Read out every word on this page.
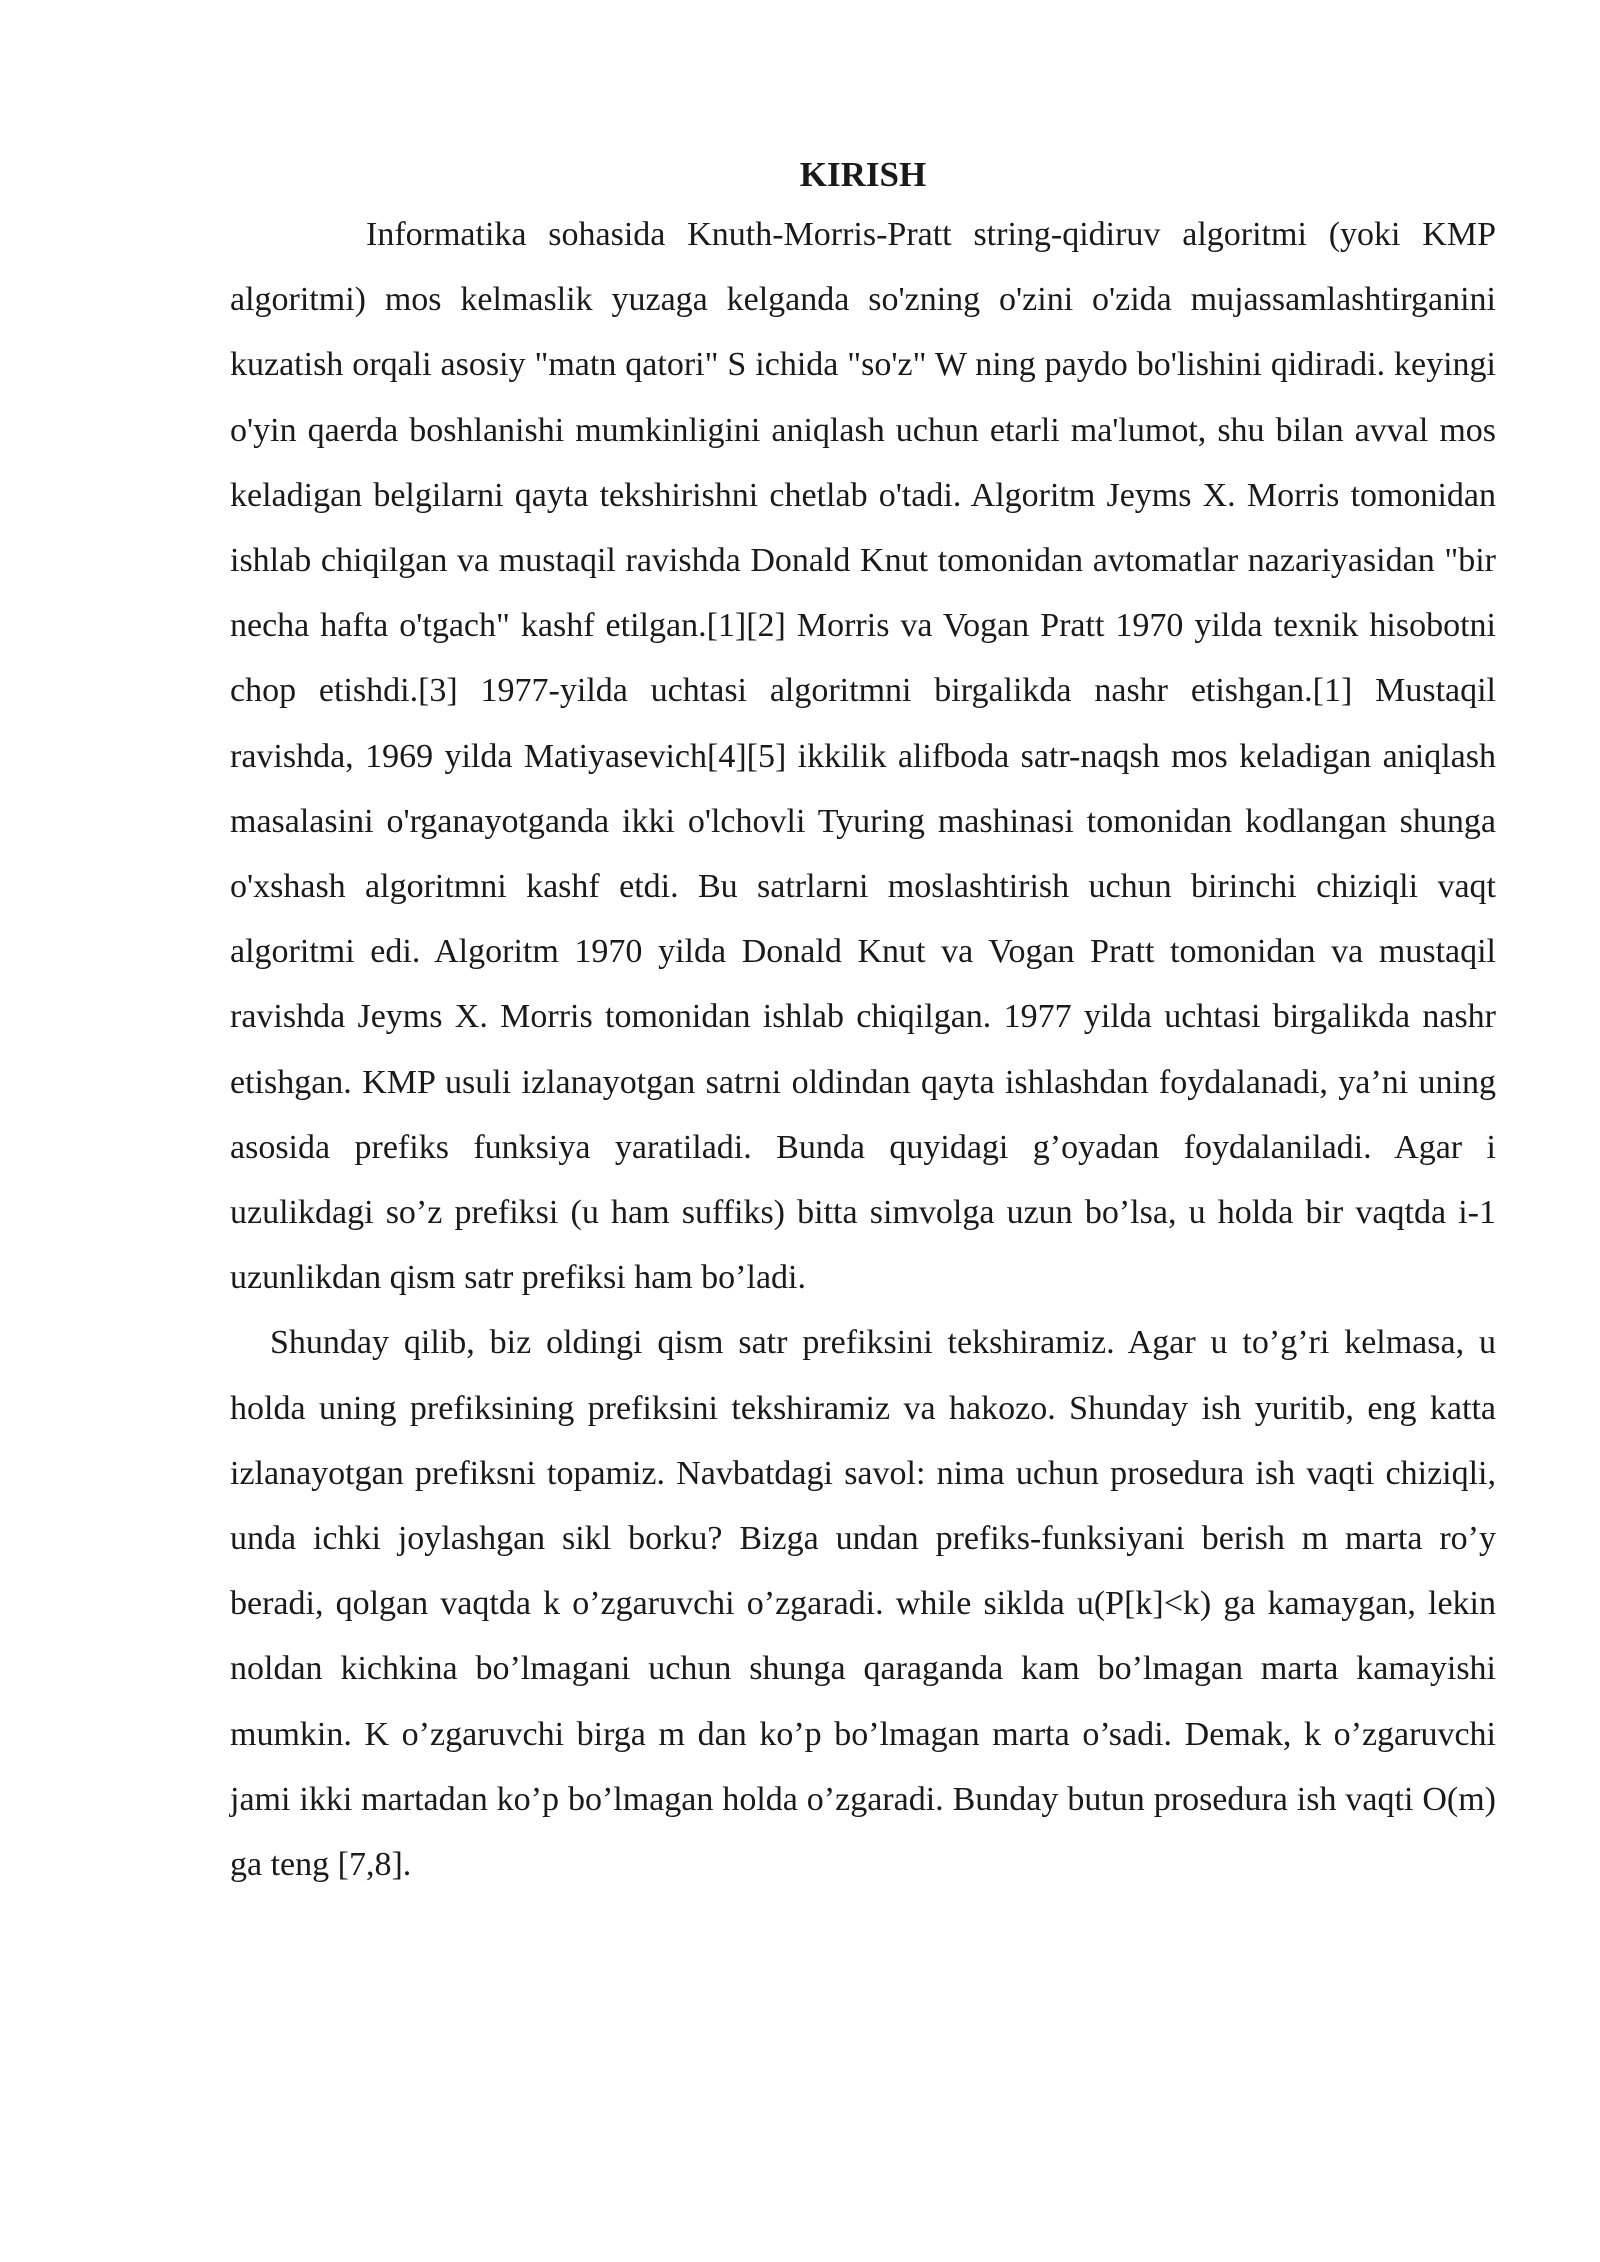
KIRISH

Informatika sohasida Knuth-Morris-Pratt string-qidiruv algoritmi (yoki KMP algoritmi) mos kelmaslik yuzaga kelganda so'zning o'zini o'zida mujassamlashtirganini kuzatish orqali asosiy "matn qatori" S ichida "so'z" W ning paydo bo'lishini qidiradi. keyingi o'yin qaerda boshlanishi mumkinligini aniqlash uchun etarli ma'lumot, shu bilan avval mos keladigan belgilarni qayta tekshirishni chetlab o'tadi. Algoritm Jeyms X. Morris tomonidan ishlab chiqilgan va mustaqil ravishda Donald Knut tomonidan avtomatlar nazariyasidan "bir necha hafta o'tgach" kashf etilgan.[1][2] Morris va Vogan Pratt 1970 yilda texnik hisobotni chop etishdi.[3] 1977-yilda uchtasi algoritmni birgalikda nashr etishgan.[1] Mustaqil ravishda, 1969 yilda Matiyasevich[4][5] ikkilik alifboda satr-naqsh mos keladigan aniqlash masalasini o'rganayotganda ikki o'lchovli Tyuring mashinasi tomonidan kodlangan shunga o'xshash algoritmni kashf etdi. Bu satrlarni moslashtirish uchun birinchi chiziqli vaqt algoritmi edi. Algoritm 1970 yilda Donald Knut va Vogan Pratt tomonidan va mustaqil ravishda Jeyms X. Morris tomonidan ishlab chiqilgan. 1977 yilda uchtasi birgalikda nashr etishgan. KMP usuli izlanayotgan satrni oldindan qayta ishlashdan foydalanadi, ya’ni uning asosida prefiks funksiya yaratiladi. Bunda quyidagi g’oyadan foydalaniladi. Agar i uzulikdagi so’z prefiksi (u ham suffiks) bitta simvolga uzun bo’lsa, u holda bir vaqtda i-1 uzunlikdan qism satr prefiksi ham bo’ladi.

Shunday qilib, biz oldingi qism satr prefiksini tekshiramiz. Agar u to’g’ri kelmasa, u holda uning prefiksining prefiksini tekshiramiz va hakozo. Shunday ish yuritib, eng katta izlanayotgan prefiksni topamiz. Navbatdagi savol: nima uchun prosedura ish vaqti chiziqli, unda ichki joylashgan sikl borku? Bizga undan prefiks-funksiyani berish m marta ro’y beradi, qolgan vaqtda k o’zgaruvchi o’zgaradi. while siklda u(P[k]<k) ga kamaygan, lekin noldan kichkina bo’lmagani uchun shunga qaraganda kam bo’lmagan marta kamayishi mumkin. K o’zgaruvchi birga m dan ko’p bo’lmagan marta o’sadi. Demak, k o’zgaruvchi jami ikki martadan ko’p bo’lmagan holda o’zgaradi. Bunday butun prosedura ish vaqti O(m) ga teng [7,8].
